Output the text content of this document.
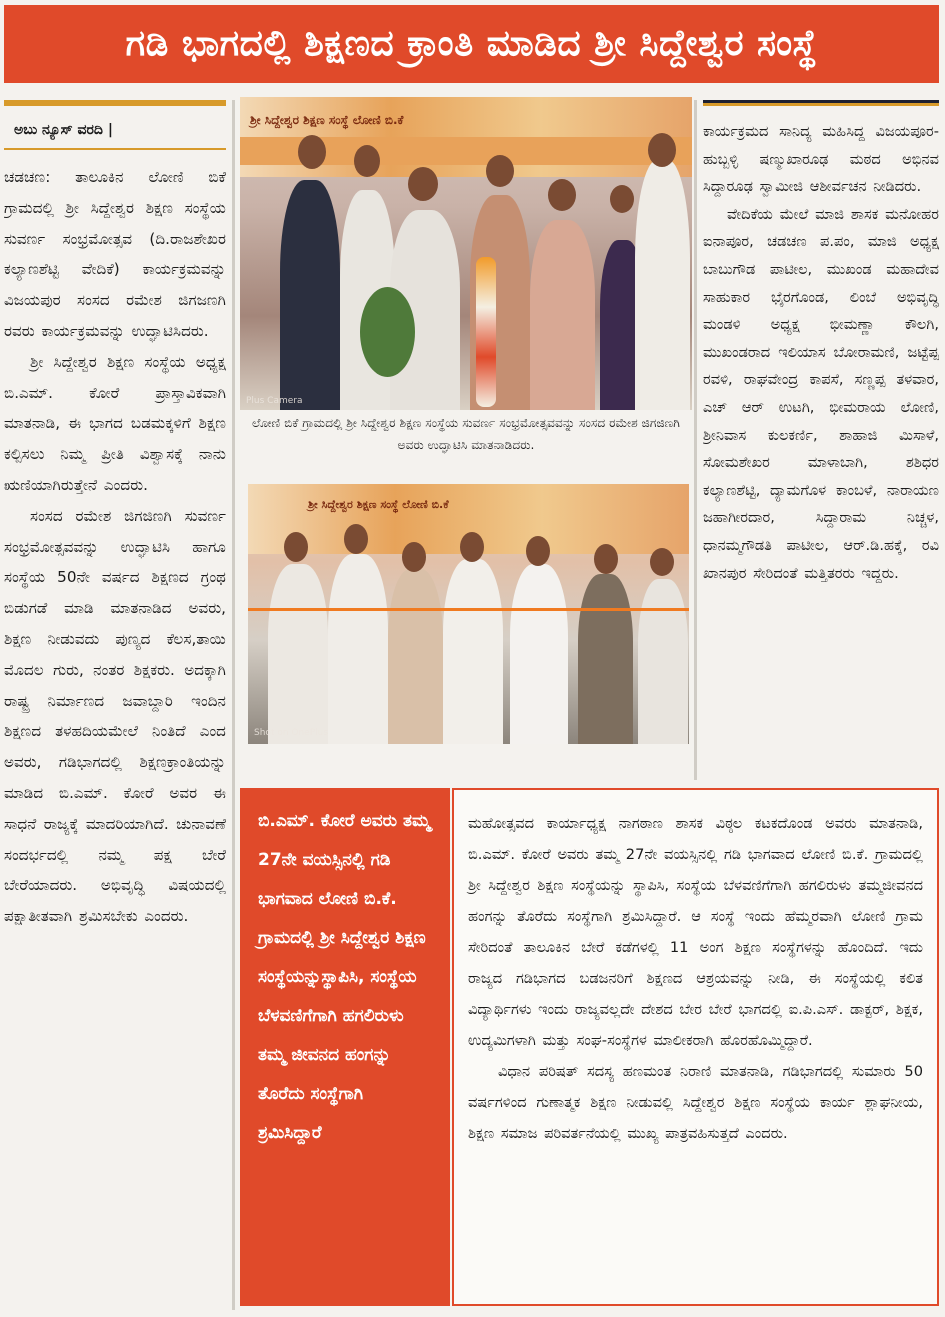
ಗಡಿ ಭಾಗದಲ್ಲಿ ಶಿಕ್ಷಣದ ಕ್ರಾಂತಿ ಮಾಡಿದ ಶ್ರೀ ಸಿದ್ದೇಶ್ವರ ಸಂಸ್ಥೆ
ಅಬು ನ್ಯೂಸ್ ವರದಿ |

ಚಡಚಣ: ತಾಲೂಕಿನ ಲೋಣಿ ಬಿಕೆ ಗ್ರಾಮದಲ್ಲಿ ಶ್ರೀ ಸಿದ್ದೇಶ್ವರ ಶಿಕ್ಷಣ ಸಂಸ್ಥೆಯ ಸುವರ್ಣ ಸಂಭ್ರಮೋತ್ಸವ (ದಿ.ರಾಜಶೇಖರ ಕಲ್ಯಾಣಶೆಟ್ಟಿ ವೇದಿಕೆ) ಕಾರ್ಯಕ್ರಮವನ್ನು ವಿಜಯಪುರ ಸಂಸದ ರಮೇಶ ಜಿಗಜಣಗಿ ರವರು ಕಾರ್ಯಕ್ರಮವನ್ನು ಉದ್ಘಾಟಿಸಿದರು.

ಶ್ರೀ ಸಿದ್ದೇಶ್ವರ ಶಿಕ್ಷಣ ಸಂಸ್ಥೆಯ ಅಧ್ಯಕ್ಷ ಬಿ.ಎಮ್. ಕೋರೆ ಪ್ರಾಸ್ತಾವಿಕವಾಗಿ ಮಾತನಾಡಿ, ಈ ಭಾಗದ ಬಡಮಕ್ಕಳಿಗೆ ಶಿಕ್ಷಣ ಕಲ್ಪಿಸಲು ನಿಮ್ಮ ಪ್ರೀತಿ ವಿಶ್ವಾಸಕ್ಕೆ ನಾನು ಋಣಿಯಾಗಿರುತ್ತೇನೆ ಎಂದರು.

ಸಂಸದ ರಮೇಶ ಜಿಗಜಿಣಗಿ ಸುವರ್ಣ ಸಂಭ್ರಮೋತ್ಸವವನ್ನು ಉದ್ಘಾಟಿಸಿ ಹಾಗೂ ಸಂಸ್ಥೆಯ 50ನೇ ವರ್ಷದ ಶಿಕ್ಷಣದ ಗ್ರಂಥ ಬಿಡುಗಡೆ ಮಾಡಿ ಮಾತನಾಡಿದ ಅವರು, ಶಿಕ್ಷಣ ನೀಡುವದು ಪುಣ್ಯದ ಕೆಲಸ,ತಾಯಿ ಮೊದಲ ಗುರು, ನಂತರ ಶಿಕ್ಷಕರು. ಅದಕ್ಕಾಗಿ ರಾಷ್ಟ್ರ ನಿರ್ಮಾಣದ ಜವಾಬ್ದಾರಿ ಇಂದಿನ ಶಿಕ್ಷಣದ ತಳಹದಿಯಮೇಲೆ ನಿಂತಿದೆ ಎಂದ ಅವರು, ಗಡಿಭಾಗದಲ್ಲಿ ಶಿಕ್ಷಣಕ್ರಾಂತಿಯನ್ನು ಮಾಡಿದ ಬಿ.ಎಮ್. ಕೋರೆ ಅವರ ಈ ಸಾಧನೆ ರಾಜ್ಯಕ್ಕೆ ಮಾದರಿಯಾಗಿದೆ. ಚುನಾವಣೆ ಸಂದರ್ಭದಲ್ಲಿ ನಮ್ಮ ಪಕ್ಷ ಬೇರೆ ಬೇರೆಯಾದರು. ಅಭಿವೃದ್ಧಿ ವಿಷಯದಲ್ಲಿ ಪಕ್ಷಾತೀತವಾಗಿ ಶ್ರಮಿಸಬೇಕು ಎಂದರು.

ಶ್ರೀ ಸಿದ್ದೇಶ್ವರ ಶಿಕ್ಷಣ ಸಂಸ್ಥೆ ಲೋಣಿ ಬಿ.ಕೆ
Plus Camera
ಲೋಣಿ ಬಿಕೆ ಗ್ರಾಮದಲ್ಲಿ ಶ್ರೀ ಸಿದ್ದೇಶ್ವರ ಶಿಕ್ಷಣ ಸಂಸ್ಥೆಯ ಸುವರ್ಣ ಸಂಭ್ರಮೋತ್ಸವವನ್ನು ಸಂಸದ ರಮೇಶ ಜಿಗಜಿಣಗಿ ಅವರು ಉದ್ಘಾಟಿಸಿ ಮಾತನಾಡಿದರು.
ಶ್ರೀ ಸಿದ್ದೇಶ್ವರ ಶಿಕ್ಷಣ ಸಂಸ್ಥೆ ಲೋಣಿ ಬಿ.ಕೆ
Shot on OnePlus

ಕಾರ್ಯಕ್ರಮದ ಸಾನಿದ್ಯ ಮಹಿಸಿದ್ದ ವಿಜಯಪೂರ-ಹುಬ್ಬಳ್ಳಿ ಷಣ್ಮುಖಾರೂಢ ಮಠದ ಅಭಿನವ ಸಿದ್ದಾರೂಢ ಸ್ವಾಮೀಜಿ ಆಶೀರ್ವಚನ ನೀಡಿದರು.

ವೇದಿಕೆಯ ಮೇಲೆ ಮಾಜಿ ಶಾಸಕ ಮನೋಹರ ಐನಾಪೂರ, ಚಡಚಣ ಪ.ಪಂ, ಮಾಜಿ ಅಧ್ಯಕ್ಷ ಬಾಬುಗೌಡ ಪಾಟೀಲ, ಮುಖಂಡ ಮಹಾದೇವ ಸಾಹುಕಾರ ಭೈರಗೊಂಡ, ಲಿಂಬೆ ಅಭಿವೃದ್ಧಿ ಮಂಡಳಿ ಅಧ್ಯಕ್ಷ ಭೀಮಣ್ಣಾ ಕೌಲಗಿ, ಮುಖಂಡರಾದ ಇಲಿಯಾಸ ಬೋರಾಮಣಿ, ಜಟ್ಟೆಪ್ಪ ರವಳಿ, ರಾಘವೇಂದ್ರ ಕಾಪಸೆ, ಸಣ್ಣಪ್ಪ ತಳವಾರ, ಎಚ್ ಆರ್ ಉಟಗಿ, ಭೀಮರಾಯ ಲೋಣಿ, ಶ್ರೀನಿವಾಸ ಕುಲಕರ್ಣಿ, ಶಾಹಾಜಿ ಮಿಸಾಳೆ, ಸೋಮಶೇಖರ ಮಾಳಾಬಾಗಿ, ಶಶಿಧರ ಕಲ್ಯಾಣಶೆಟ್ಟಿ, ದ್ಯಾಮಗೊಳ ಕಾಂಬಳೆ, ನಾರಾಯಣ ಜಹಾಗೀರದಾರ, ಸಿದ್ದಾರಾಮ ನಿಚ್ಚಳ, ಧಾನಮ್ಮಗೌಡತಿ ಪಾಟೀಲ, ಆರ್.ಡಿ.ಹಕ್ಕೆ, ರವಿ ಖಾನಪುರ ಸೇರಿದಂತೆ ಮತ್ತಿತರರು ಇದ್ದರು.

ಬಿ.ಎಮ್. ಕೋರೆ ಅವರು ತಮ್ಮ 27ನೇ ವಯಸ್ಸಿನಲ್ಲಿ ಗಡಿ ಭಾಗವಾದ ಲೋಣಿ ಬಿ.ಕೆ. ಗ್ರಾಮದಲ್ಲಿ ಶ್ರೀ ಸಿದ್ದೇಶ್ವರ ಶಿಕ್ಷಣ ಸಂಸ್ಥೆಯನ್ನುಸ್ಥಾಪಿಸಿ, ಸಂಸ್ಥೆಯ ಬೆಳವಣಿಗೆಗಾಗಿ ಹಗಲಿರುಳು ತಮ್ಮ ಜೀವನದ ಹಂಗನ್ನು ತೊರೆದು ಸಂಸ್ಥೆಗಾಗಿ ಶ್ರಮಿಸಿದ್ದಾರೆ

ಮಹೋತ್ಸವದ ಕಾರ್ಯಾಧ್ಯಕ್ಷ ನಾಗಠಾಣ ಶಾಸಕ ವಿಠ್ಠಲ ಕಟಕದೊಂಡ ಅವರು ಮಾತನಾಡಿ, ಬಿ.ಎಮ್. ಕೋರೆ ಅವರು ತಮ್ಮ 27ನೇ ವಯಸ್ಸಿನಲ್ಲಿ ಗಡಿ ಭಾಗವಾದ ಲೋಣಿ ಬಿ.ಕೆ. ಗ್ರಾಮದಲ್ಲಿ ಶ್ರೀ ಸಿದ್ದೇಶ್ವರ ಶಿಕ್ಷಣ ಸಂಸ್ಥೆಯನ್ನು ಸ್ಥಾಪಿಸಿ, ಸಂಸ್ಥೆಯ ಬೆಳವಣಿಗೆಗಾಗಿ ಹಗಲಿರುಳು ತಮ್ಮಜೀವನದ ಹಂಗನ್ನು ತೊರೆದು ಸಂಸ್ಥೆಗಾಗಿ ಶ್ರಮಿಸಿದ್ದಾರೆ. ಆ ಸಂಸ್ಥೆ ಇಂದು ಹೆಮ್ಮರವಾಗಿ ಲೋಣಿ ಗ್ರಾಮ ಸೇರಿದಂತೆ ತಾಲೂಕಿನ ಬೇರೆ ಕಡೆಗಳಲ್ಲಿ 11 ಅಂಗ ಶಿಕ್ಷಣ ಸಂಸ್ಥೆಗಳನ್ನು ಹೊಂದಿದೆ. ಇದು ರಾಜ್ಯದ ಗಡಿಭಾಗದ ಬಡಜನರಿಗೆ ಶಿಕ್ಷಣದ ಆಶ್ರಯವನ್ನು ನೀಡಿ, ಈ ಸಂಸ್ಥೆಯಲ್ಲಿ ಕಲಿತ ವಿದ್ಯಾರ್ಥಿಗಳು ಇಂದು ರಾಜ್ಯವಲ್ಲದೇ ದೇಶದ ಬೇರ ಬೇರೆ ಭಾಗದಲ್ಲಿ ಐ.ಪಿ.ಎಸ್. ಡಾಕ್ಟರ್, ಶಿಕ್ಷಕ, ಉದ್ಯಮಿಗಳಾಗಿ ಮತ್ತು ಸಂಘ-ಸಂಸ್ಥೆಗಳ ಮಾಲೀಕರಾಗಿ ಹೊರಹೊಮ್ಮಿದ್ದಾರೆ.

ವಿಧಾನ ಪರಿಷತ್ ಸದಸ್ಯ ಹಣಮಂತ ನಿರಾಣಿ ಮಾತನಾಡಿ, ಗಡಿಭಾಗದಲ್ಲಿ ಸುಮಾರು 50 ವರ್ಷಗಳಿಂದ ಗುಣಾತ್ಮಕ ಶಿಕ್ಷಣ ನೀಡುವಲ್ಲಿ ಸಿದ್ದೇಶ್ವರ ಶಿಕ್ಷಣ ಸಂಸ್ಥೆಯ ಕಾರ್ಯ ಶ್ಲಾಘನೀಯ, ಶಿಕ್ಷಣ ಸಮಾಜ ಪರಿವರ್ತನೆಯಲ್ಲಿ ಮುಖ್ಯ ಪಾತ್ರವಹಿಸುತ್ತದೆ ಎಂದರು.
